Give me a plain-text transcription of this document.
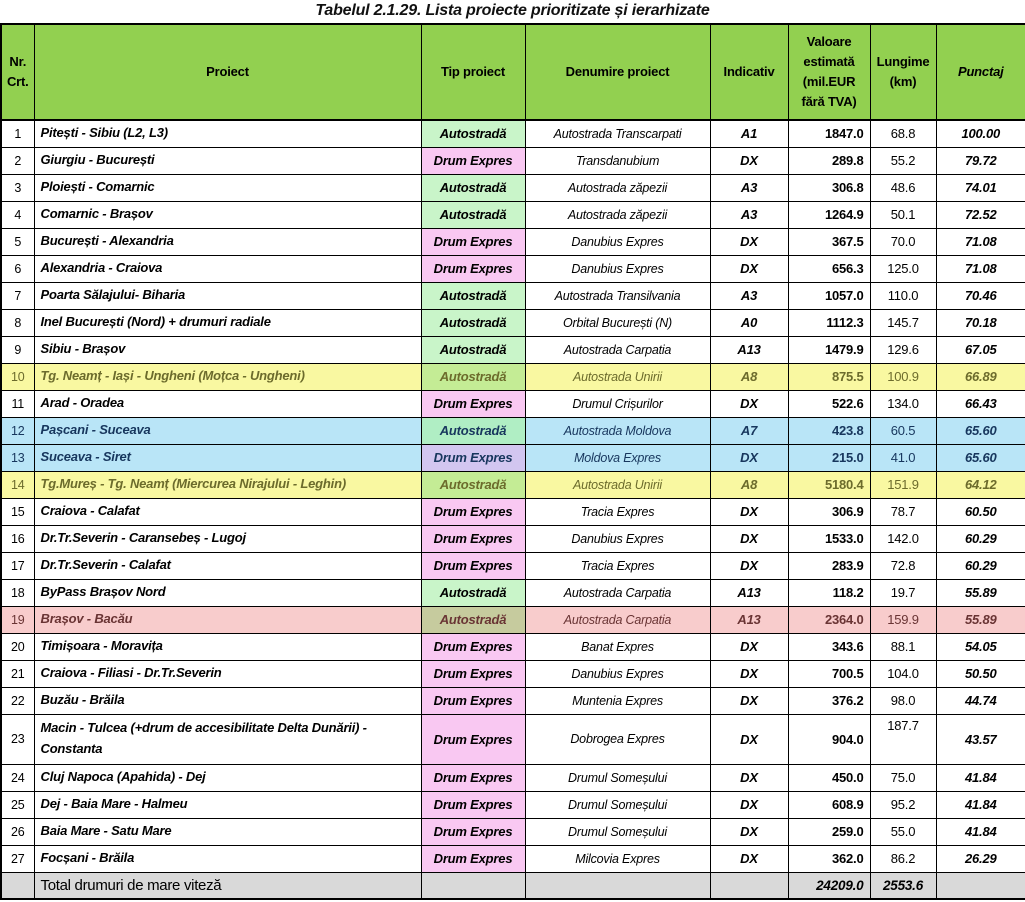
Tabelul 2.1.29. Lista proiecte prioritizate și ierarhizate
Nr. Crt.	Proiect	Tip proiect	Denumire proiect	Indicativ	Valoare estimată (mil.EUR fără TVA)	Lungime (km)	Punctaj
1	Pitești - Sibiu (L2, L3)	Autostradă	Autostrada Transcarpati	A1	1847.0	68.8	100.00
2	Giurgiu - București	Drum Expres	Transdanubium	DX	289.8	55.2	79.72
3	Ploiești - Comarnic	Autostradă	Autostrada zăpezii	A3	306.8	48.6	74.01
4	Comarnic - Brașov	Autostradă	Autostrada zăpezii	A3	1264.9	50.1	72.52
5	București - Alexandria	Drum Expres	Danubius Expres	DX	367.5	70.0	71.08
6	Alexandria - Craiova	Drum Expres	Danubius Expres	DX	656.3	125.0	71.08
7	Poarta Sălajului- Biharia	Autostradă	Autostrada Transilvania	A3	1057.0	110.0	70.46
8	Inel București (Nord) + drumuri radiale	Autostradă	Orbital București (N)	A0	1112.3	145.7	70.18
9	Sibiu - Brașov	Autostradă	Autostrada Carpatia	A13	1479.9	129.6	67.05
10	Tg. Neamț - Iași - Ungheni (Moțca - Ungheni)	Autostradă	Autostrada Unirii	A8	875.5	100.9	66.89
11	Arad - Oradea	Drum Expres	Drumul Crișurilor	DX	522.6	134.0	66.43
12	Pașcani - Suceava	Autostradă	Autostrada Moldova	A7	423.8	60.5	65.60
13	Suceava - Siret	Drum Expres	Moldova Expres	DX	215.0	41.0	65.60
14	Tg.Mureș - Tg. Neamț (Miercurea Nirajului - Leghin)	Autostradă	Autostrada Unirii	A8	5180.4	151.9	64.12
15	Craiova - Calafat	Drum Expres	Tracia Expres	DX	306.9	78.7	60.50
16	Dr.Tr.Severin - Caransebeș - Lugoj	Drum Expres	Danubius Expres	DX	1533.0	142.0	60.29
17	Dr.Tr.Severin - Calafat	Drum Expres	Tracia Expres	DX	283.9	72.8	60.29
18	ByPass Brașov Nord	Autostradă	Autostrada Carpatia	A13	118.2	19.7	55.89
19	Brașov - Bacău	Autostradă	Autostrada Carpatia	A13	2364.0	159.9	55.89
20	Timișoara - Moravița	Drum Expres	Banat Expres	DX	343.6	88.1	54.05
21	Craiova - Filiasi - Dr.Tr.Severin	Drum Expres	Danubius Expres	DX	700.5	104.0	50.50
22	Buzău - Brăila	Drum Expres	Muntenia Expres	DX	376.2	98.0	44.74
23	Macin - Tulcea (+drum de accesibilitate Delta Dunării) - Constanta	Drum Expres	Dobrogea Expres	DX	904.0	187.7	43.57
24	Cluj Napoca (Apahida) - Dej	Drum Expres	Drumul Someșului	DX	450.0	75.0	41.84
25	Dej - Baia Mare - Halmeu	Drum Expres	Drumul Someșului	DX	608.9	95.2	41.84
26	Baia Mare - Satu Mare	Drum Expres	Drumul Someșului	DX	259.0	55.0	41.84
27	Focșani - Brăila	Drum Expres	Milcovia Expres	DX	362.0	86.2	26.29
	Total drumuri de mare viteză				24209.0	2553.6	
